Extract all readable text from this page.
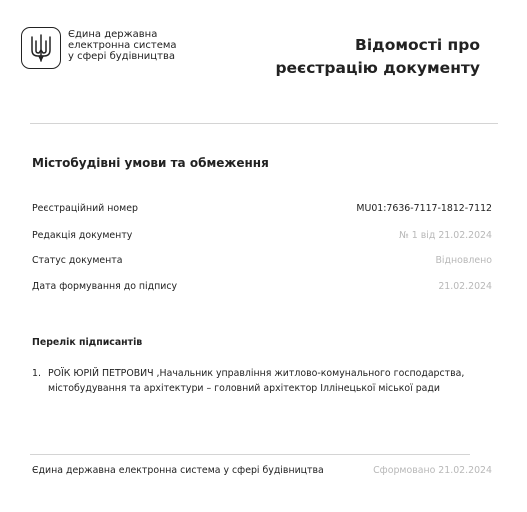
Єдина державна
електронна система
у сфері будівництва
Відомості про
реєстрацію документу
Містобудівні умови та обмеження
Реєстраційний номер	MU01:7636-7117-1812-7112
Редакція документу	№ 1 від 21.02.2024
Статус документа	Відновлено
Дата формування до підпису	21.02.2024
Перелік підписантів
1. РОЇК ЮРІЙ ПЕТРОВИЧ ,Начальник управління житлово-комунального господарства, містобудування та архітектури – головний архітектор Іллінецької міської ради
Єдина державна електронна система у сфері будівництва	Сформовано 21.02.2024
